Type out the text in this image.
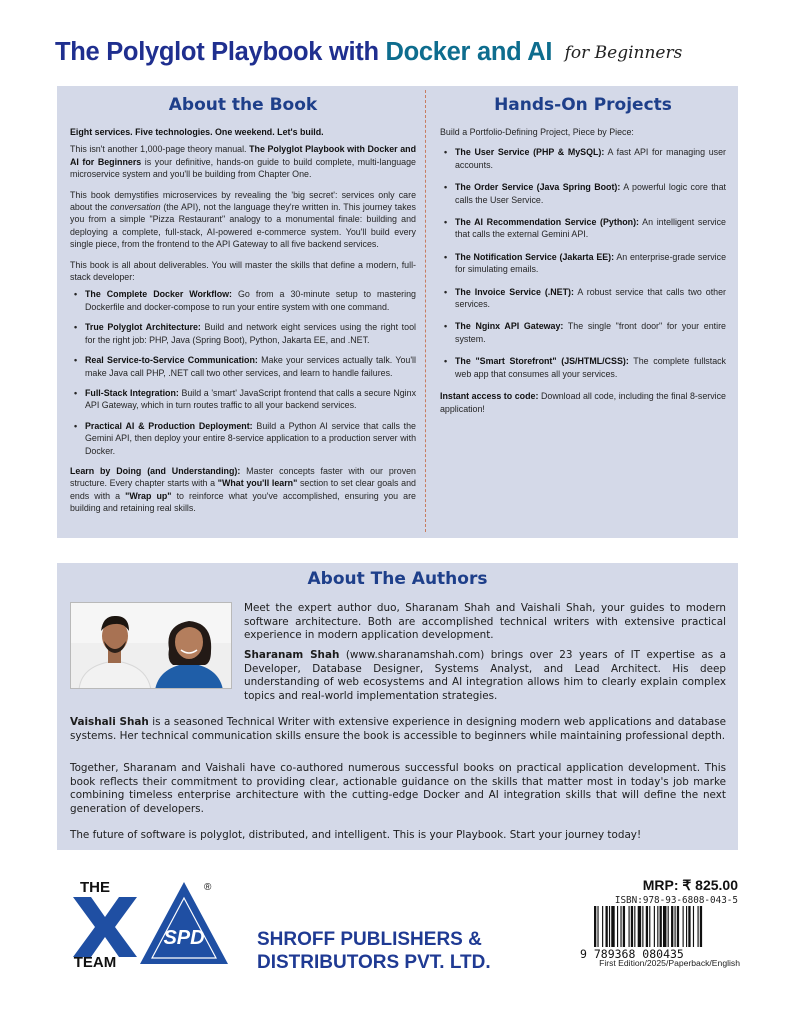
The Polyglot Playbook with Docker and AI for Beginners
About the Book

Eight services. Five technologies. One weekend. Let's build.

This isn't another 1,000-page theory manual. The Polyglot Playbook with Docker and AI for Beginners is your definitive, hands-on guide to build complete, multi-language microservice system and you'll be building from Chapter One.

This book demystifies microservices by revealing the 'big secret': services only care about the conversation (the API), not the language they're written in. This journey takes you from a simple "Pizza Restaurant" analogy to a monumental finale: building and deploying a complete, full-stack, AI-powered e-commerce system. You'll build every single piece, from the frontend to the API Gateway to all five backend services.

This book is all about deliverables. You will master the skills that define a modern, full-stack developer:

• The Complete Docker Workflow: Go from a 30-minute setup to mastering Dockerfile and docker-compose to run your entire system with one command.
• True Polyglot Architecture: Build and network eight services using the right tool for the right job: PHP, Java (Spring Boot), Python, Jakarta EE, and .NET.
• Real Service-to-Service Communication: Make your services actually talk. You'll make Java call PHP, .NET call two other services, and learn to handle failures.
• Full-Stack Integration: Build a 'smart' JavaScript frontend that calls a secure Nginx API Gateway, which in turn routes traffic to all your backend services.
• Practical AI & Production Deployment: Build a Python AI service that calls the Gemini API, then deploy your entire 8-service application to a production server with Docker.

Learn by Doing (and Understanding): Master concepts faster with our proven structure. Every chapter starts with a "What you'll learn" section to set clear goals and ends with a "Wrap up" to reinforce what you've accomplished, ensuring you are building and retaining real skills.

Hands-On Projects

Build a Portfolio-Defining Project, Piece by Piece:

• The User Service (PHP & MySQL): A fast API for managing user accounts.
• The Order Service (Java Spring Boot): A powerful logic core that calls the User Service.
• The AI Recommendation Service (Python): An intelligent service that calls the external Gemini API.
• The Notification Service (Jakarta EE): An enterprise-grade service for simulating emails.
• The Invoice Service (.NET): A robust service that calls two other services.
• The Nginx API Gateway: The single "front door" for your entire system.
• The "Smart Storefront" (JS/HTML/CSS): The complete fullstack web app that consumes all your services.

Instant access to code: Download all code, including the final 8-service application!

About The Authors

Meet the expert author duo, Sharanam Shah and Vaishali Shah, your guides to modern software architecture. Both are accomplished technical writers with extensive practical experience in modern application development.

Sharanam Shah (www.sharanamshah.com) brings over 23 years of IT expertise as a Developer, Database Designer, Systems Analyst, and Lead Architect. His deep understanding of web ecosystems and AI integration allows him to clearly explain complex topics and real-world implementation strategies.

Vaishali Shah is a seasoned Technical Writer with extensive experience in designing modern web applications and database systems. Her technical communication skills ensure the book is accessible to beginners while maintaining professional depth.

Together, Sharanam and Vaishali have co-authored numerous successful books on practical application development. This book reflects their commitment to providing clear, actionable guidance on the skills that matter most in today's job marke combining timeless enterprise architecture with the cutting-edge Docker and AI integration skills that will define the next generation of developers.

The future of software is polyglot, distributed, and intelligent. This is your Playbook. Start your journey today!

THE
TEAM
SPD
®
SHROFF PUBLISHERS &
DISTRIBUTORS PVT. LTD.
MRP: ₹ 825.00
ISBN:978-93-6808-043-5
9 789368 080435
First Edition/2025/Paperback/English
